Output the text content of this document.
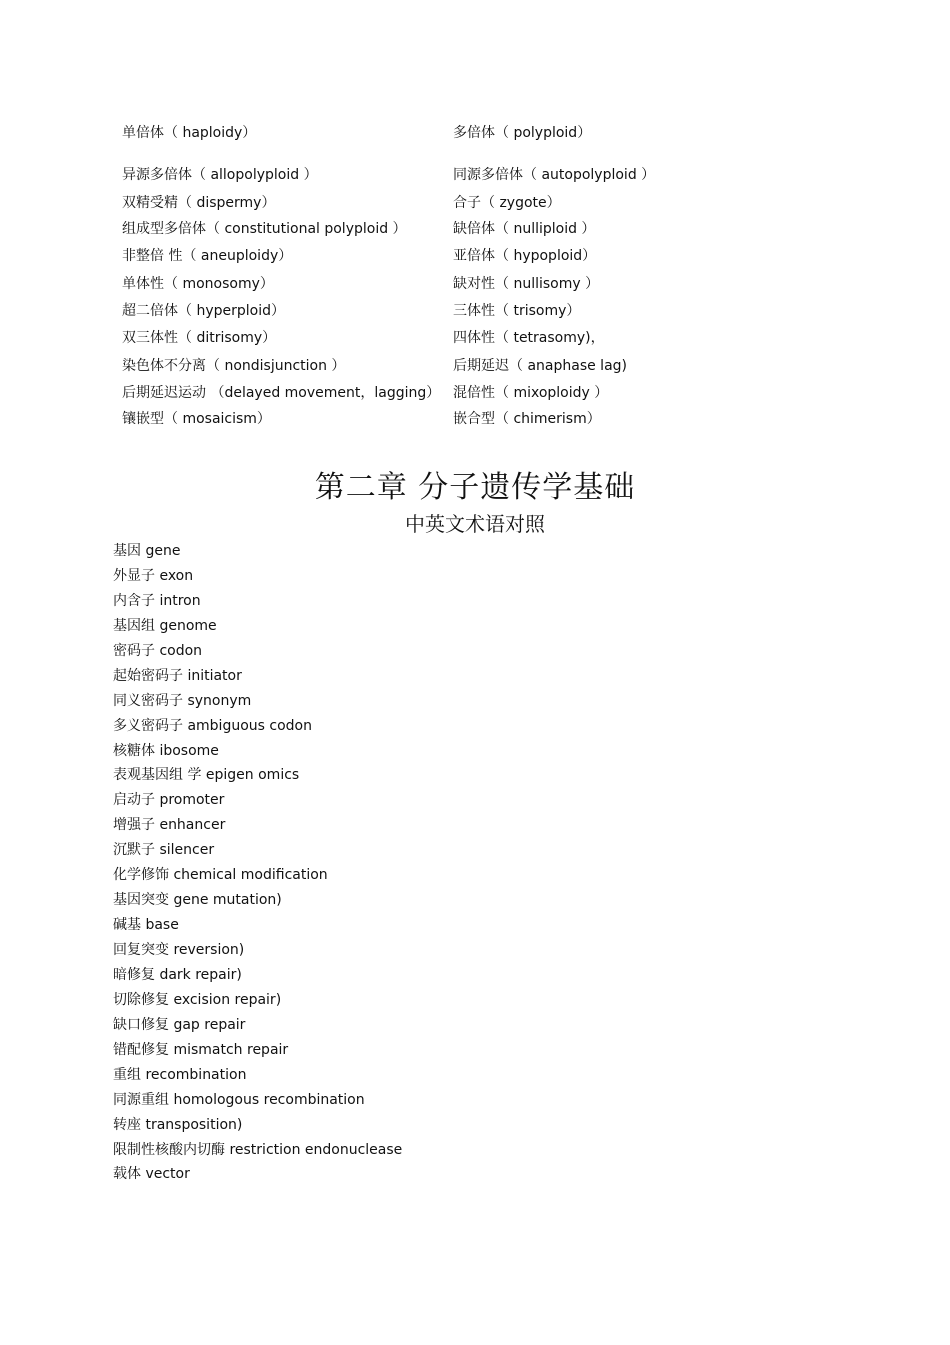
单倍体（ haploidy）	多倍体（ polyploid）
异源多倍体（ allopolyploid ）	同源多倍体（ autopolyploid ）
双精受精（ dispermy）	合子（ zygote）
组成型多倍体（ constitutional polyploid ）	缺倍体（ nulliploid ）
非整倍 性（ aneuploidy）	亚倍体（ hypoploid）
单体性（ monosomy）	缺对性（ nullisomy ）
超二倍体（ hyperploid）	三体性（ trisomy）
双三体性（ ditrisomy）	四体性（ tetrasomy)，
染色体不分离（ nondisjunction ）	后期延迟（ anaphase lag)
后期延迟运动 （delayed movement，lagging） 混倍性（ mixoploidy ）
镶嵌型（ mosaicism）	嵌合型（ chimerism）
第二章 分子遗传学基础
中英文术语对照
基因 gene
外显子 exon
内含子 intron
基因组 genome
密码子 codon
起始密码子 initiator
同义密码子 synonym
多义密码子 ambiguous codon
核糖体 ibosome
表观基因组 学 epigen omics
启动子 promoter
增强子 enhancer
沉默子 silencer
化学修饰 chemical modification
基因突变 gene mutation)
碱基 base
回复突变 reversion)
暗修复 dark repair)
切除修复 excision repair)
缺口修复 gap repair
错配修复 mismatch repair
重组 recombination
同源重组 homologous recombination
转座 transposition)
限制性核酸内切酶 restriction endonuclease
载体 vector
